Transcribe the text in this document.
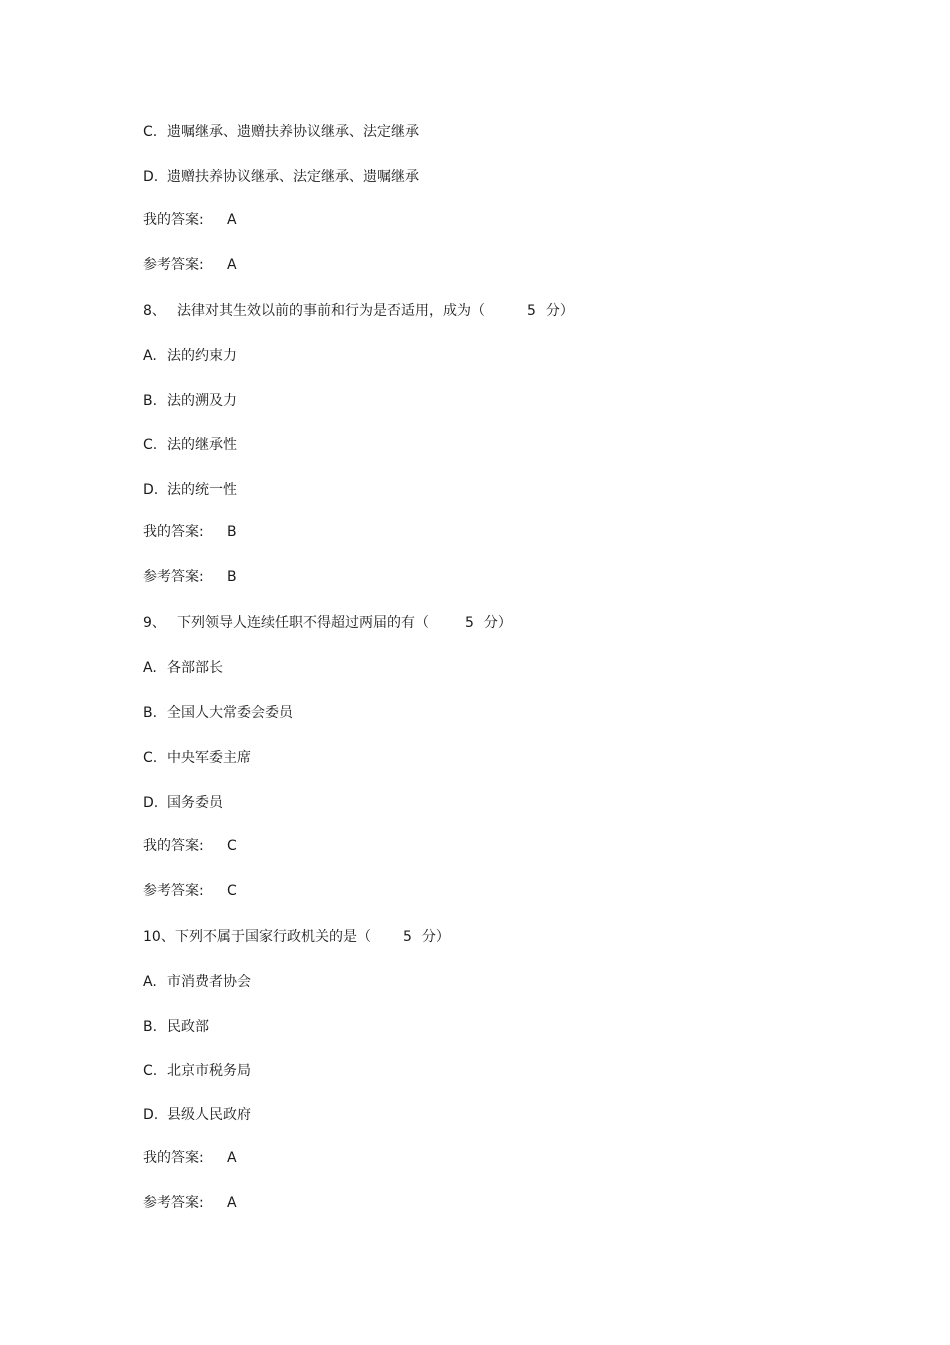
C. 遗嘱继承、遗赠扶养协议继承、法定继承
D. 遗赠扶养协议继承、法定继承、遗嘱继承
我的答案: A
参考答案: A
8、 法律对其生效以前的事前和行为是否适用，成为（	5 分）
A. 法的约束力
B. 法的溯及力
C. 法的继承性
D. 法的统一性
我的答案: B
参考答案: B
9、 下列领导人连续任职不得超过两届的有（	5 分）
A. 各部部长
B. 全国人大常委会委员
C. 中央军委主席
D. 国务委员
我的答案: C
参考答案: C
10、下列不属于国家行政机关的是（ 5 分）
A. 市消费者协会
B. 民政部
C. 北京市税务局
D. 县级人民政府
我的答案: A
参考答案: A
